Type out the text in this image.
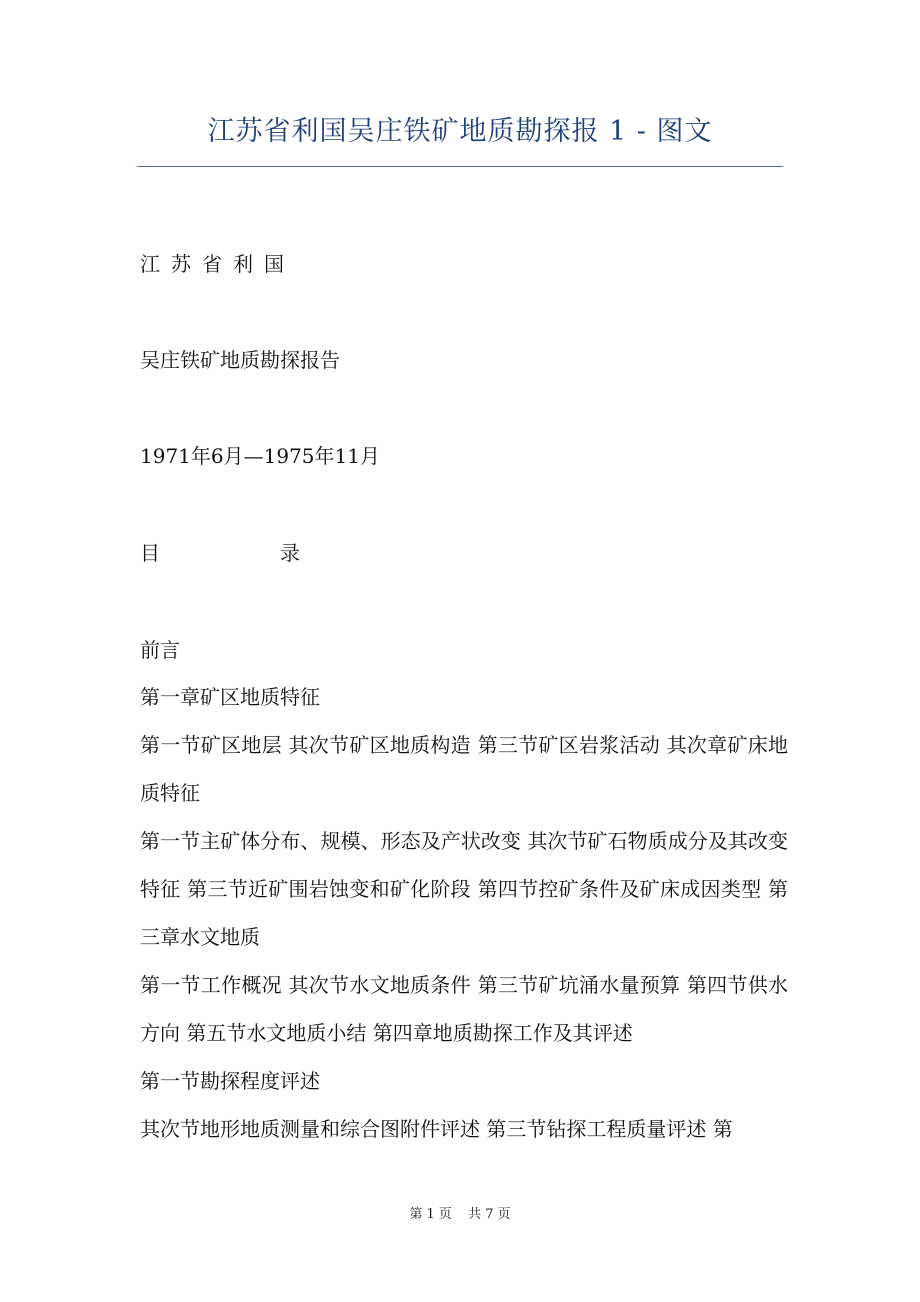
江苏省利国吴庄铁矿地质勘探报 1 - 图文
江苏省利国
吴庄铁矿地质勘探报告
1971年6月—1975年11月
目	录
前言
第一章矿区地质特征
第一节矿区地层 其次节矿区地质构造 第三节矿区岩浆活动 其次章矿床地质特征
第一节主矿体分布、规模、形态及产状改变 其次节矿石物质成分及其改变特征 第三节近矿围岩蚀变和矿化阶段 第四节控矿条件及矿床成因类型 第三章水文地质
第一节工作概况 其次节水文地质条件 第三节矿坑涌水量预算 第四节供水方向 第五节水文地质小结 第四章地质勘探工作及其评述
第一节勘探程度评述
其次节地形地质测量和综合图附件评述 第三节钻探工程质量评述 第
第 1 页 共 7 页
